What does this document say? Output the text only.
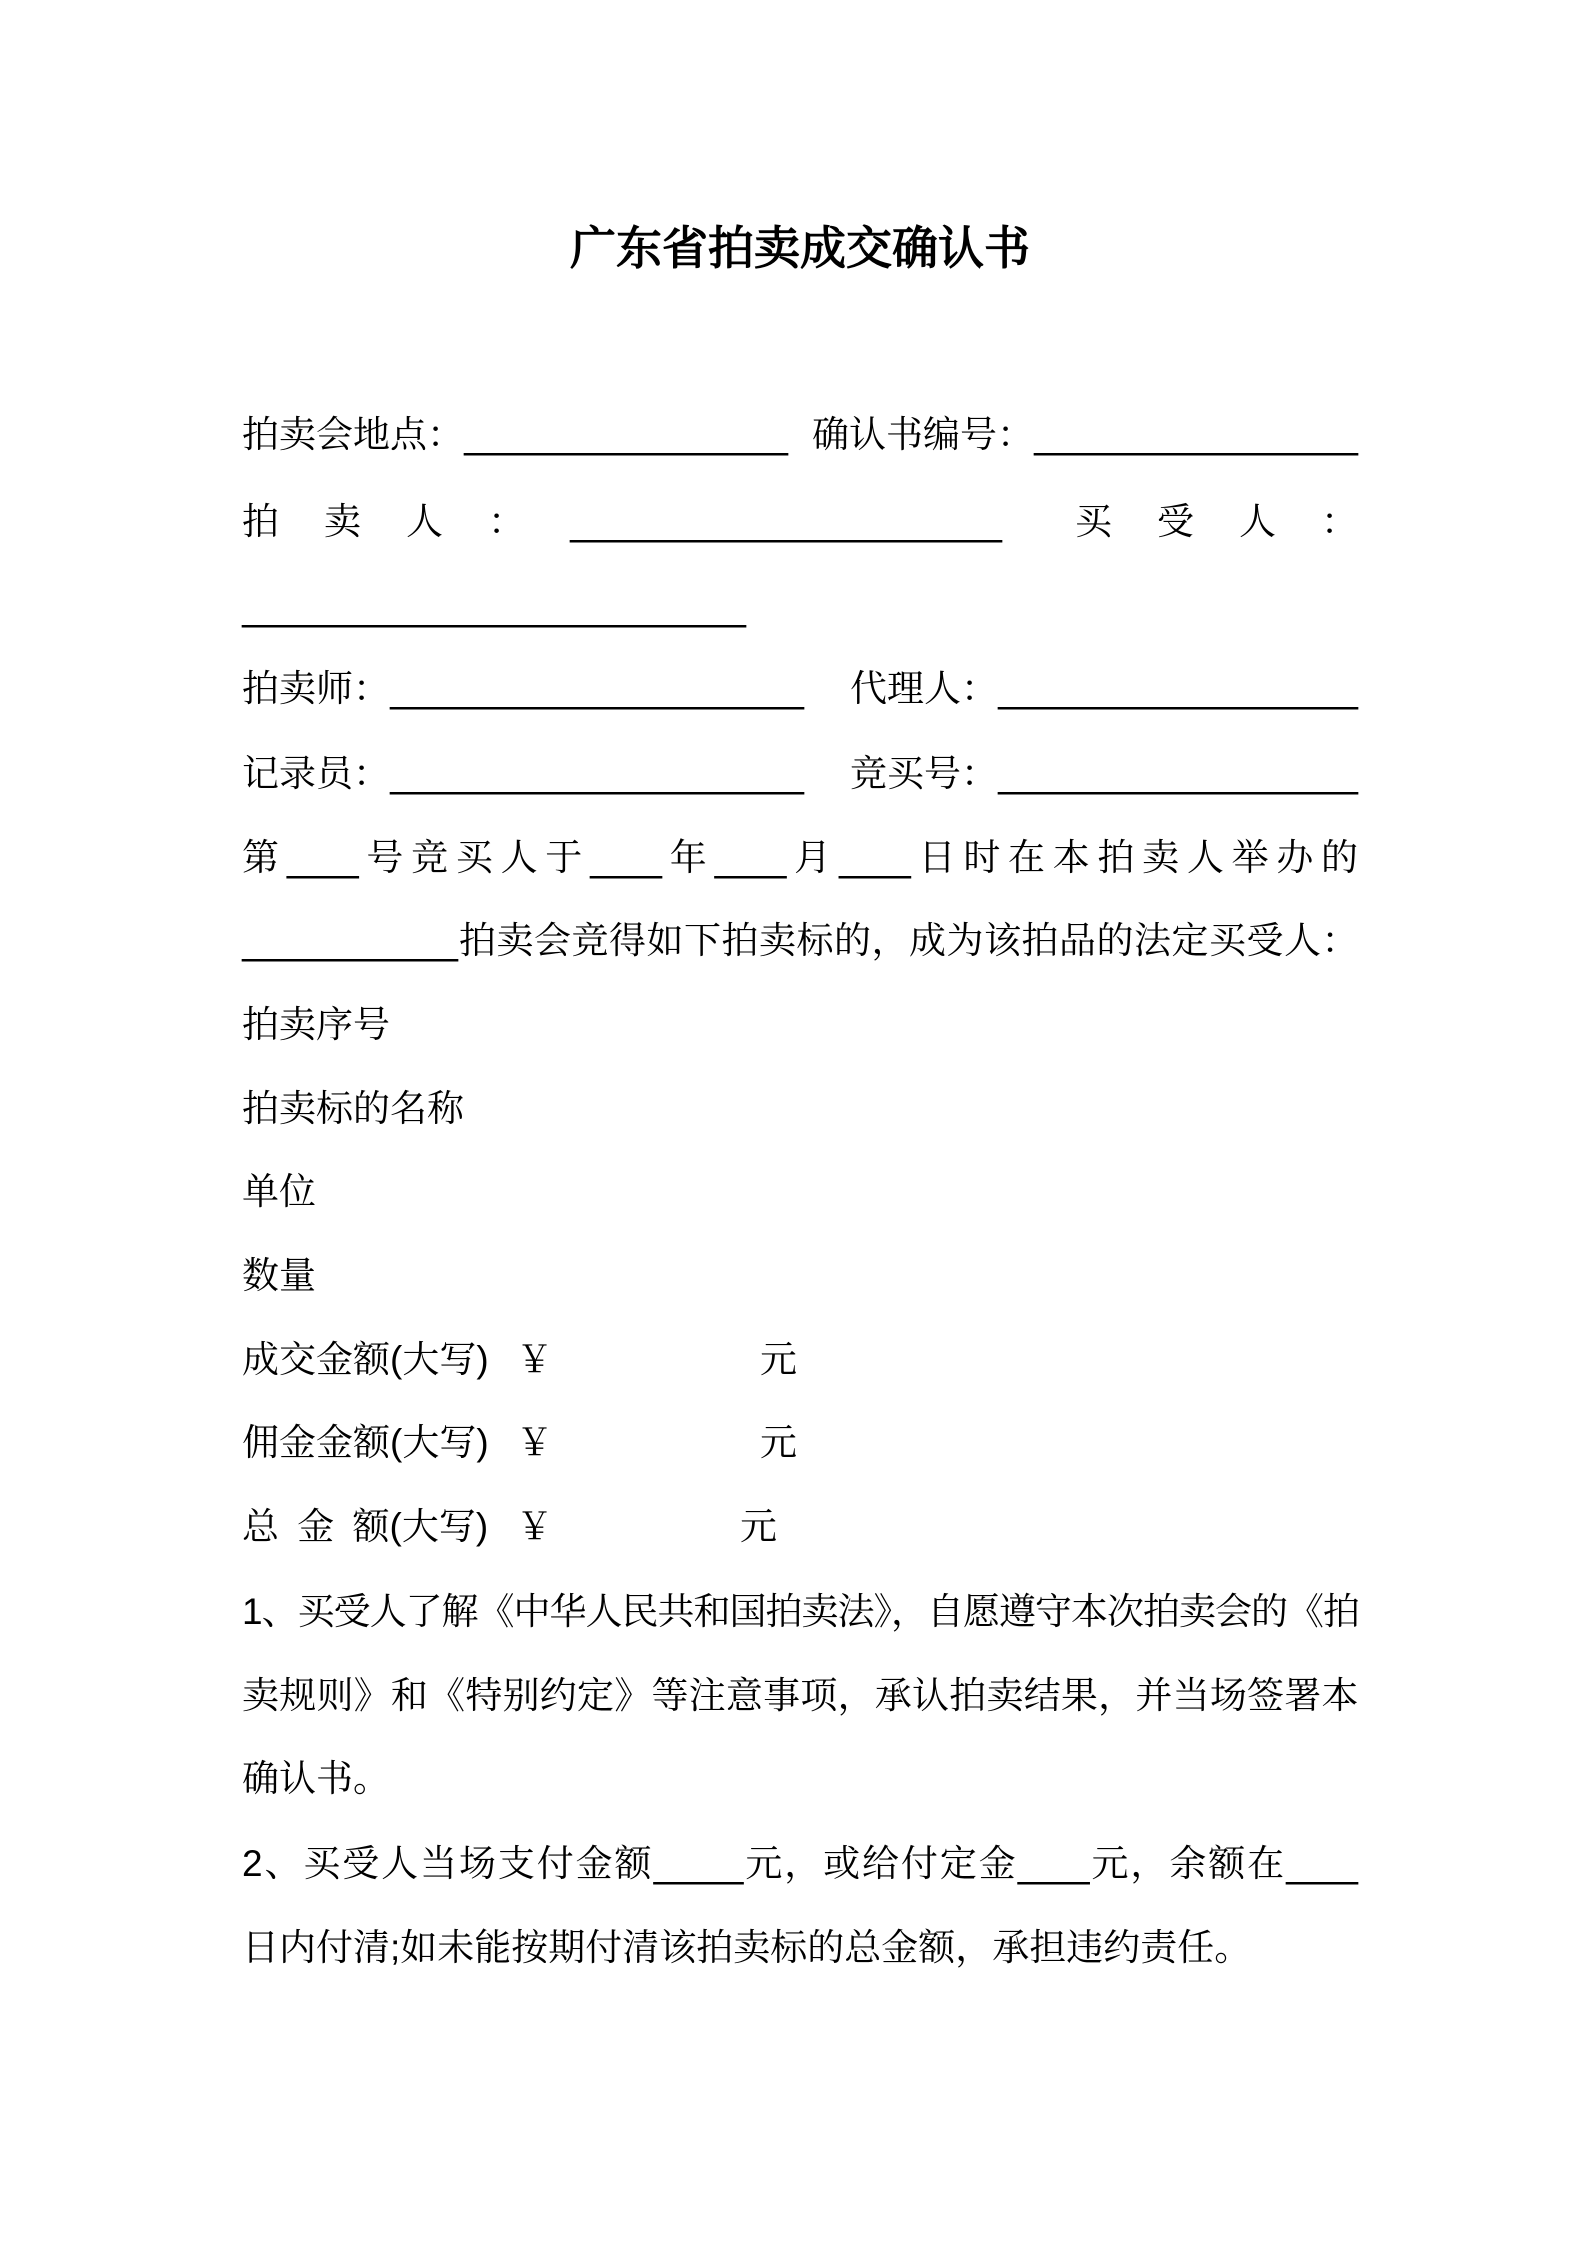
广东省拍卖成交确认书
拍卖会地点：__________________ 确认书编号：__________________
拍卖人：________________________ 买受人：
____________________________
拍卖师：_______________________ 代理人：____________________
记录员：_______________________ 竞买号：____________________
第____号竞买人于____年____月____日时在本拍卖人举办的
____________拍卖会竞得如下拍卖标的，成为该拍品的法定买受人：
拍卖序号
拍卖标的名称
单位
数量
成交金额(大写) ￥	元
佣金金额(大写) ￥	元
总 金 额(大写) ￥	元
1、买受人了解《中华人民共和国拍卖法》，自愿遵守本次拍卖会的《拍
卖规则》和《特别约定》等注意事项，承认拍卖结果，并当场签署本
确认书。
2、买受人当场支付金额_____元，或给付定金____元，余额在____
日内付清;如未能按期付清该拍卖标的总金额，承担违约责任。
